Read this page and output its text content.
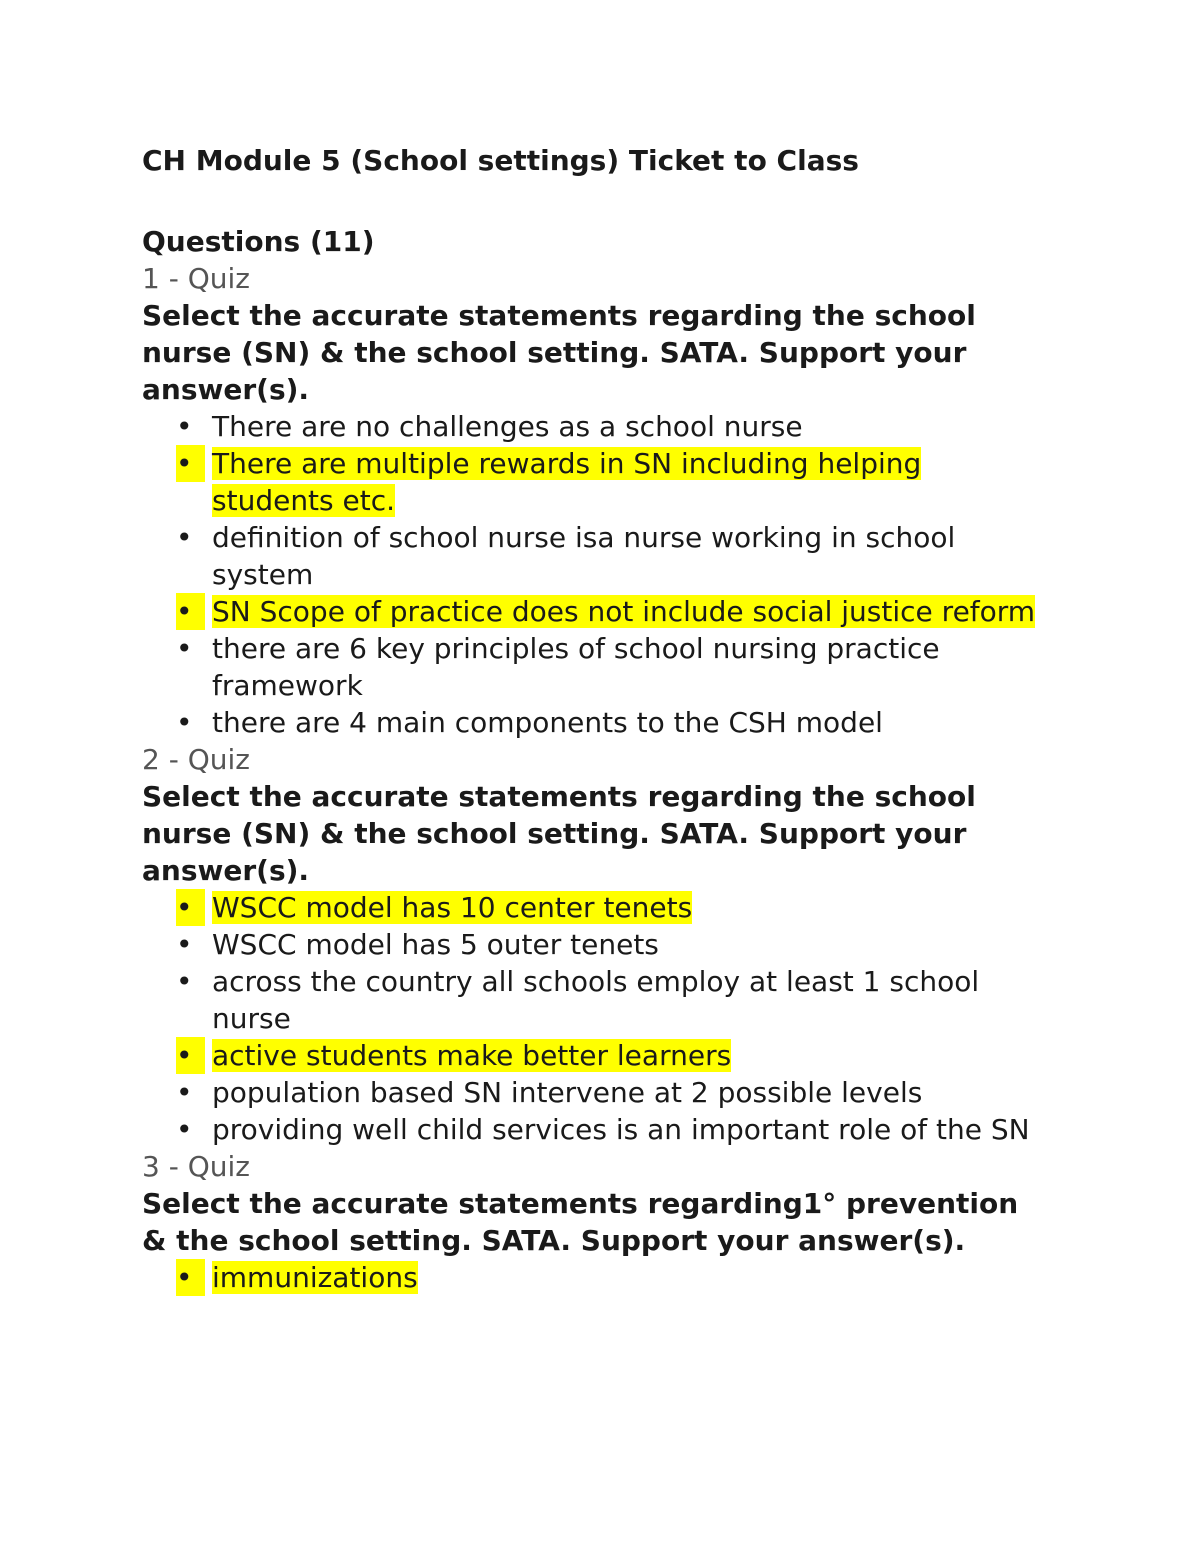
CH Module 5 (School settings) Ticket to Class
Questions (11)
1 - Quiz
Select the accurate statements regarding the school nurse (SN) & the school setting. SATA. Support your answer(s).
• There are no challenges as a school nurse
• There are multiple rewards in SN including helping students etc.
• definition of school nurse isa nurse working in school system
• SN Scope of practice does not include social justice reform
• there are 6 key principles of school nursing practice framework
• there are 4 main components to the CSH model
2 - Quiz
Select the accurate statements regarding the school nurse (SN) & the school setting. SATA. Support your answer(s).
• WSCC model has 10 center tenets
• WSCC model has 5 outer tenets
• across the country all schools employ at least 1 school nurse
• active students make better learners
• population based SN intervene at 2 possible levels
• providing well child services is an important role of the SN
3 - Quiz
Select the accurate statements regarding1° prevention & the school setting. SATA. Support your answer(s).
• immunizations
